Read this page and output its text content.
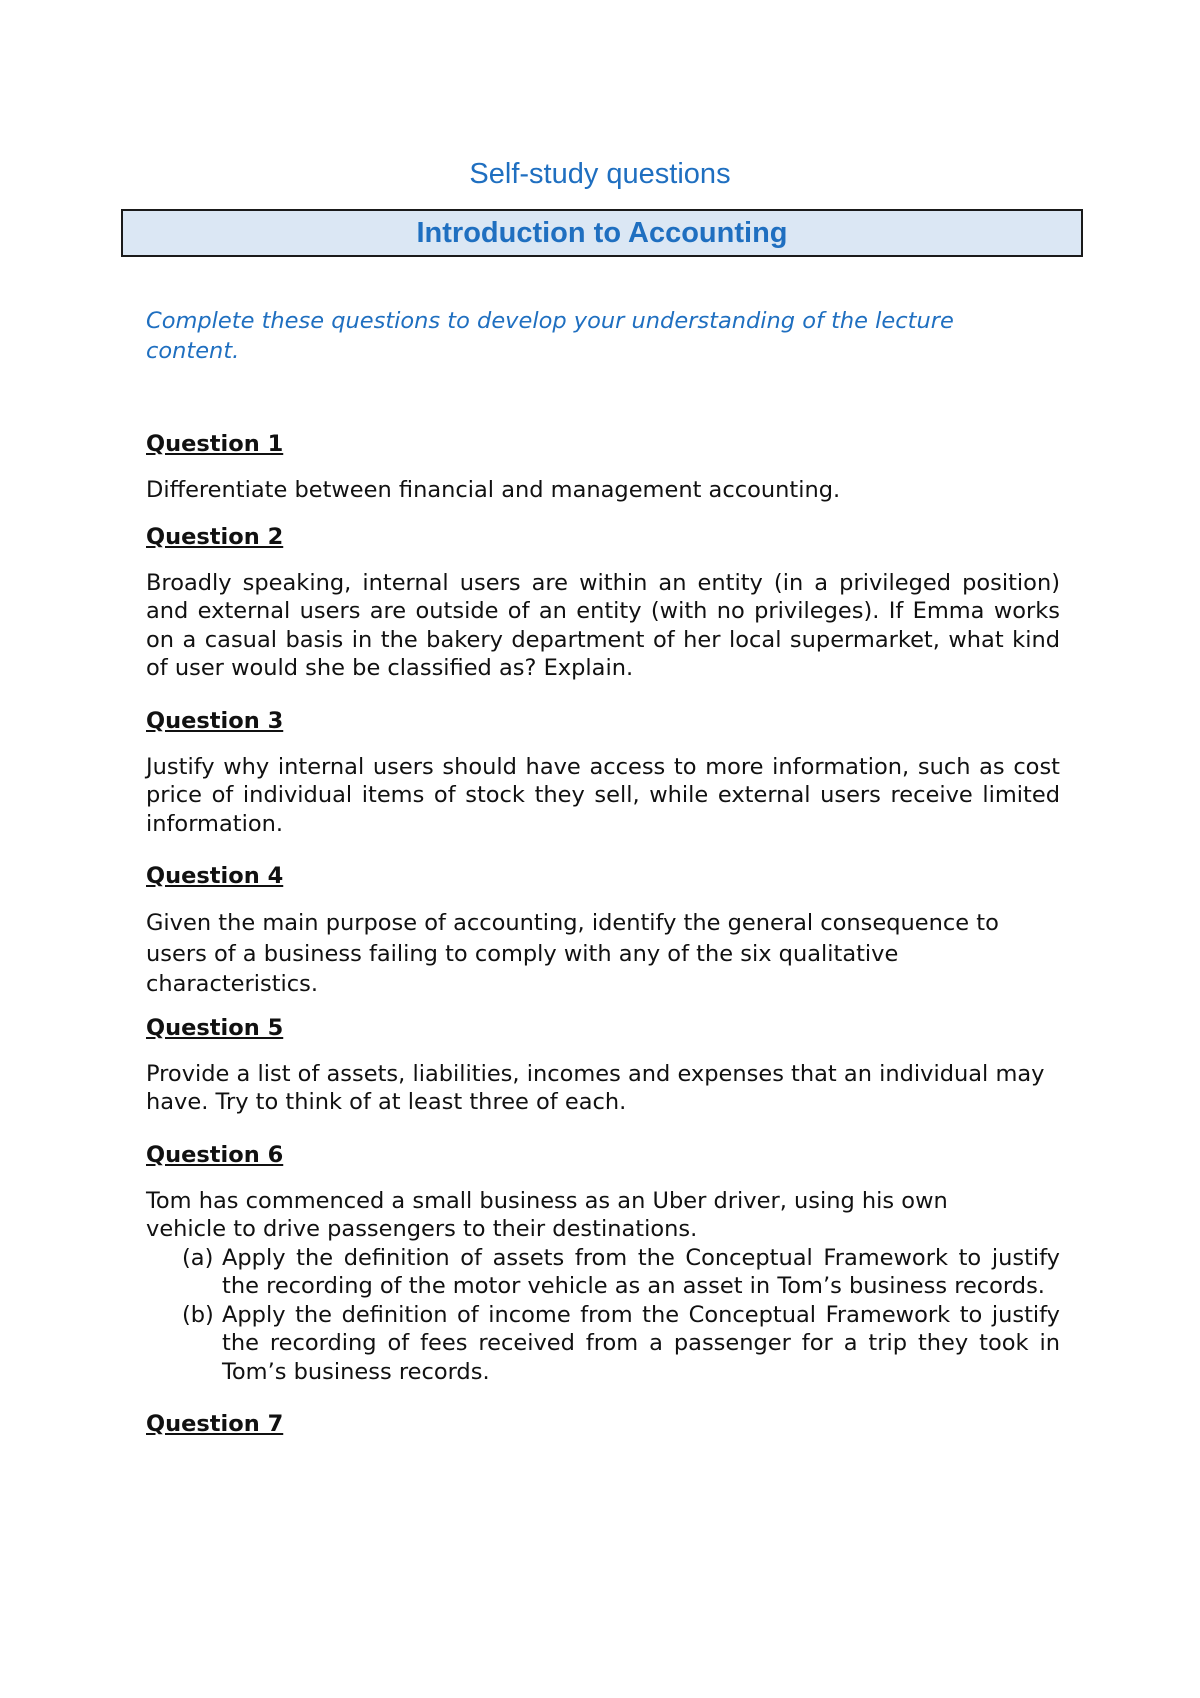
Self-study questions
Introduction to Accounting
Complete these questions to develop your understanding of the lecture content.

Question 1

Differentiate between financial and management accounting.

Question 2

Broadly speaking, internal users are within an entity (in a privileged position) and external users are outside of an entity (with no privileges). If Emma works on a casual basis in the bakery department of her local supermarket, what kind of user would she be classified as? Explain.

Question 3

Justify why internal users should have access to more information, such as cost price of individual items of stock they sell, while external users receive limited information.

Question 4

Given the main purpose of accounting, identify the general consequence to users of a business failing to comply with any of the six qualitative characteristics.

Question 5

Provide a list of assets, liabilities, incomes and expenses that an individual may have. Try to think of at least three of each.

Question 6

Tom has commenced a small business as an Uber driver, using his own vehicle to drive passengers to their destinations.

(a) Apply the definition of assets from the Conceptual Framework to justify the recording of the motor vehicle as an asset in Tom’s business records.
(b) Apply the definition of income from the Conceptual Framework to justify the recording of fees received from a passenger for a trip they took in Tom’s business records.

Question 7
